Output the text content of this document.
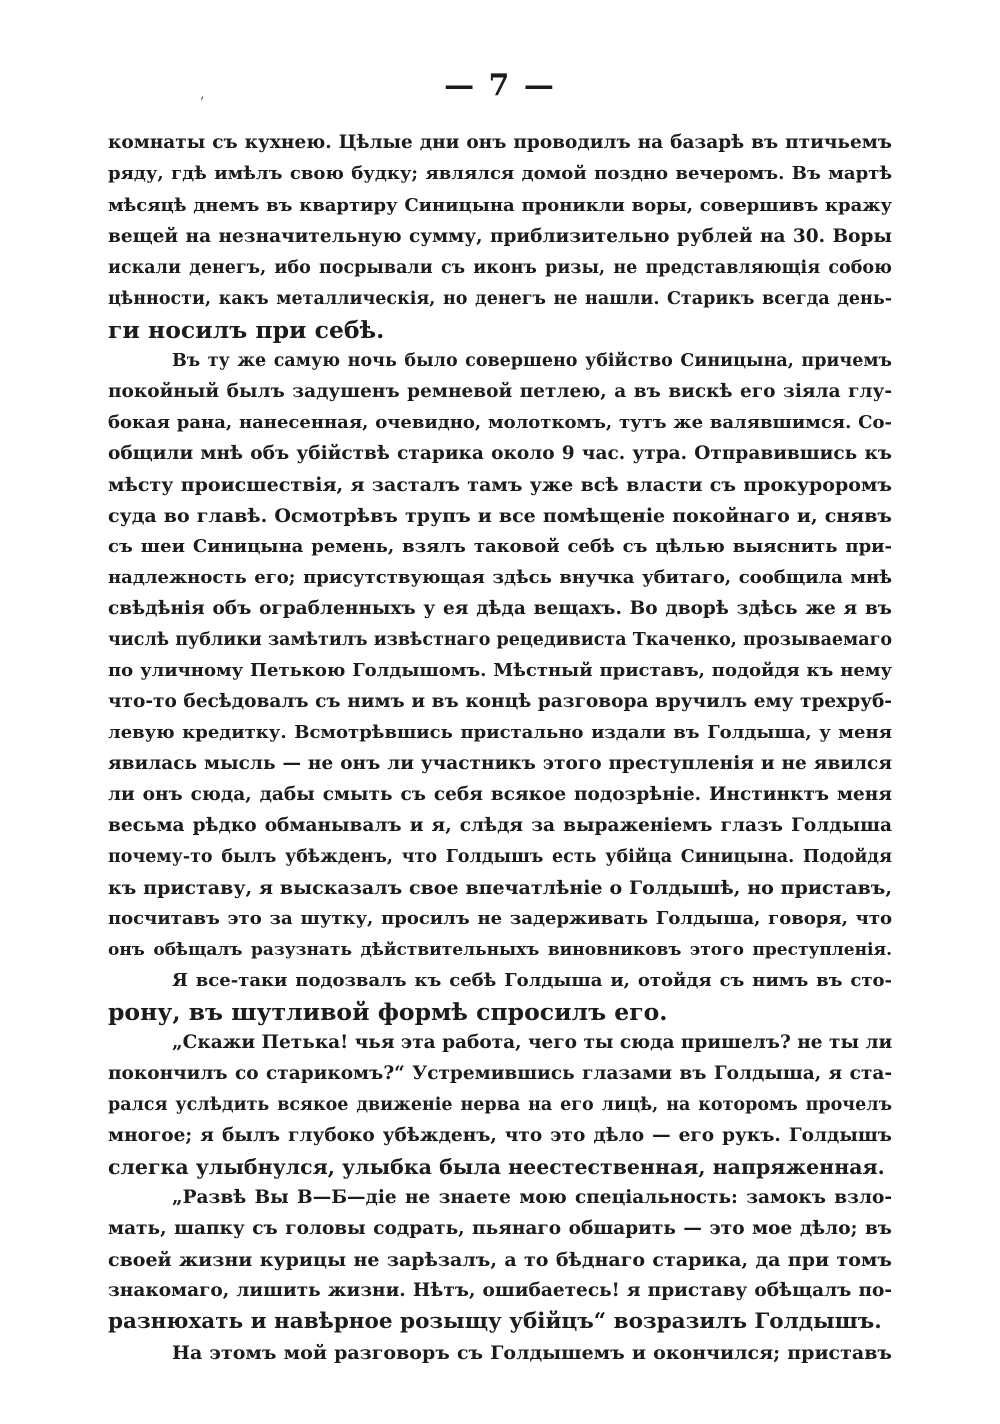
‚	— 7 —
комнаты съ кухнею. Цѣлые дни онъ проводилъ на базарѣ въ птичьемъ
ряду, гдѣ имѣлъ свою будку; являлся домой поздно вечеромъ. Въ мартѣ
мѣсяцѣ днемъ въ квартиру Синицына проникли воры, совершивъ кражу
вещей на незначительную сумму, приблизительно рублей на 30. Воры
искали денегъ, ибо посрывали съ иконъ ризы, не представляющія собою
цѣнности, какъ металлическія, но денегъ не нашли. Старикъ всегда день-
ги носилъ при себѣ.
Въ ту же самую ночь было совершено убійство Синицына, причемъ
покойный былъ задушенъ ремневой петлею, а въ вискѣ его зіяла глу-
бокая рана, нанесенная, очевидно, молоткомъ, тутъ же валявшимся. Со-
общили мнѣ объ убійствѣ старика около 9 час. утра. Отправившись къ
мѣсту происшествія, я засталъ тамъ уже всѣ власти съ прокуроромъ
суда во главѣ. Осмотрѣвъ трупъ и все помѣщеніе покойнаго и, снявъ
съ шеи Синицына ремень, взялъ таковой себѣ съ цѣлью выяснить при-
надлежность его; присутствующая здѣсь внучка убитаго, сообщила мнѣ
свѣдѣнія объ ограбленныхъ у ея дѣда вещахъ. Во дворѣ здѣсь же я въ
числѣ публики замѣтилъ извѣстнаго рецедивиста Ткаченко, прозываемаго
по уличному Петькою Голдышомъ. Мѣстный приставъ, подойдя къ нему
что-то бесѣдовалъ съ нимъ и въ концѣ разговора вручилъ ему трехруб-
левую кредитку. Всмотрѣвшись пристально издали въ Голдыша, у меня
явилась мысль — не онъ ли участникъ этого преступленія и не явился
ли онъ сюда, дабы смыть съ себя всякое подозрѣніе. Инстинктъ меня
весьма рѣдко обманывалъ и я, слѣдя за выраженіемъ глазъ Голдыша
почему-то былъ убѣжденъ, что Голдышъ есть убійца Синицына. Подойдя
къ приставу, я высказалъ свое впечатлѣніе о Голдышѣ, но приставъ,
посчитавъ это за шутку, просилъ не задерживать Голдыша, говоря, что
онъ обѣщалъ разузнать дѣйствительныхъ виновниковъ этого преступленія.
Я все-таки подозвалъ къ себѣ Голдыша и, отойдя съ нимъ въ сто-
рону, въ шутливой формѣ спросилъ его.
„Скажи Петька! чья эта работа, чего ты сюда пришелъ? не ты ли
покончилъ со старикомъ?“ Устремившись глазами въ Голдыша, я ста-
рался услѣдить всякое движеніе нерва на его лицѣ, на которомъ прочелъ
многое; я былъ глубоко убѣжденъ, что это дѣло — его рукъ. Голдышъ
слегка улыбнулся, улыбка была неестественная, напряженная.
„Развѣ Вы В—Б—діе не знаете мою спеціальность: замокъ взло-
мать, шапку съ головы содрать, пьянаго обшарить — это мое дѣло; въ
своей жизни курицы не зарѣзалъ, а то бѣднаго старика, да при томъ
знакомаго, лишить жизни. Нѣтъ, ошибаетесь! я приставу обѣщалъ по-
разнюхать и навѣрное розыщу убійцъ“ возразилъ Голдышъ.
На этомъ мой разговоръ съ Голдышемъ и окончился; приставъ
